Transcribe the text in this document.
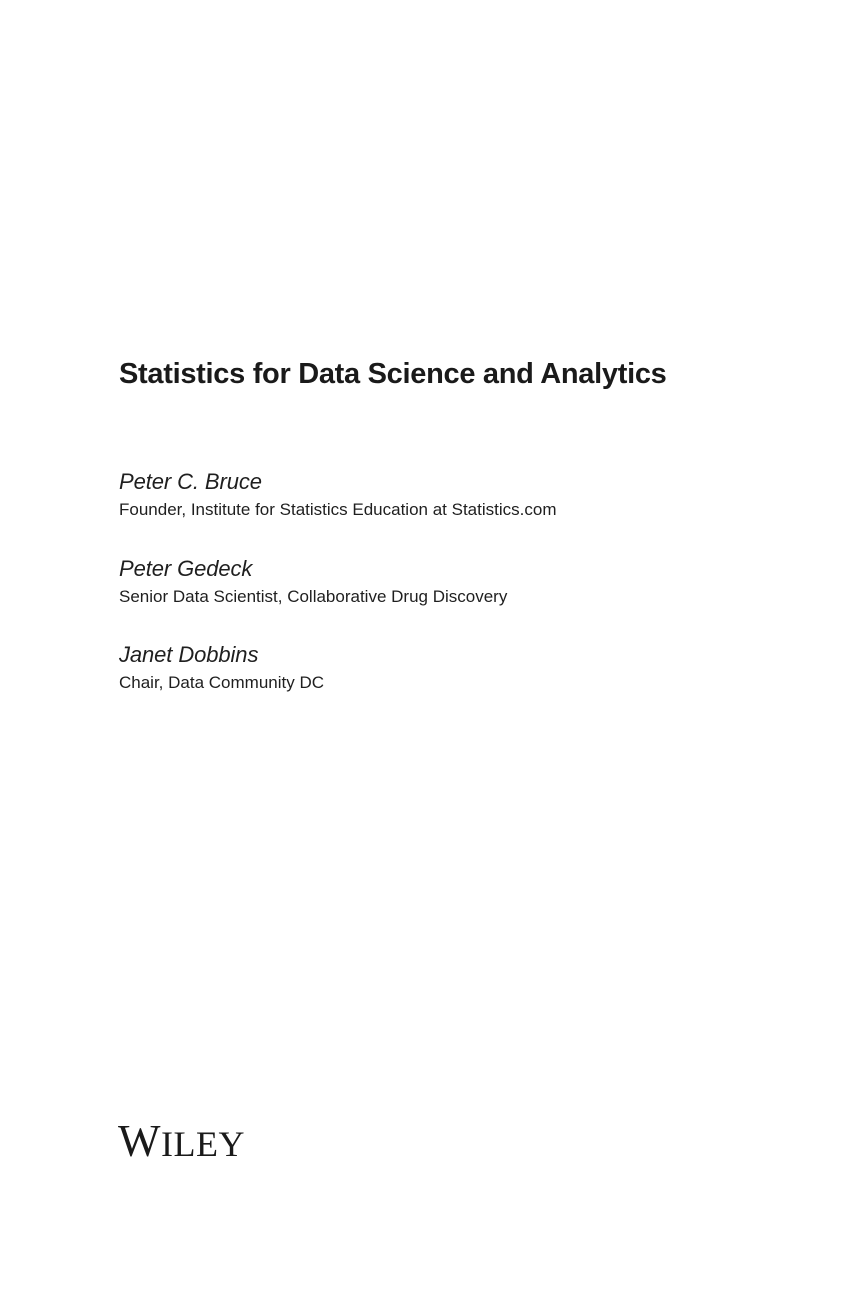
Statistics for Data Science and Analytics
Peter C. Bruce
Founder, Institute for Statistics Education at Statistics.com
Peter Gedeck
Senior Data Scientist, Collaborative Drug Discovery
Janet Dobbins
Chair, Data Community DC
WILEY
